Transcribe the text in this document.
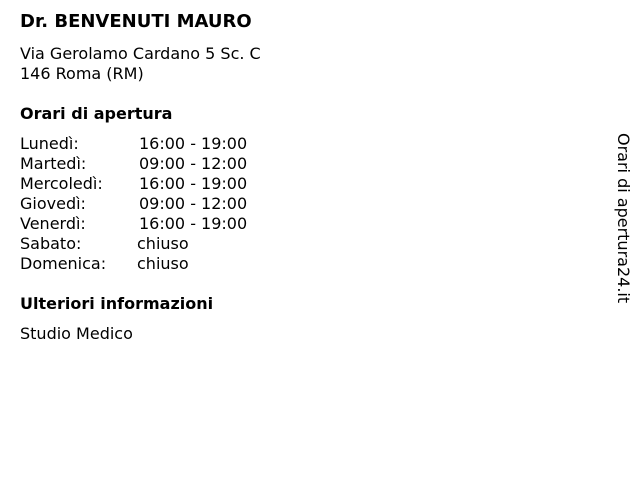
Dr. BENVENUTI MAURO
Via Gerolamo Cardano 5 Sc. C
146 Roma (RM)
Orari di apertura
Lunedì:	16:00 - 19:00
Martedì:	09:00 - 12:00
Mercoledì: 16:00 - 19:00
Giovedì:	09:00 - 12:00
Venerdì:	16:00 - 19:00
Sabato:	chiuso
Domenica: chiuso
Ulteriori informazioni
Studio Medico
Orari di apertura24.it
